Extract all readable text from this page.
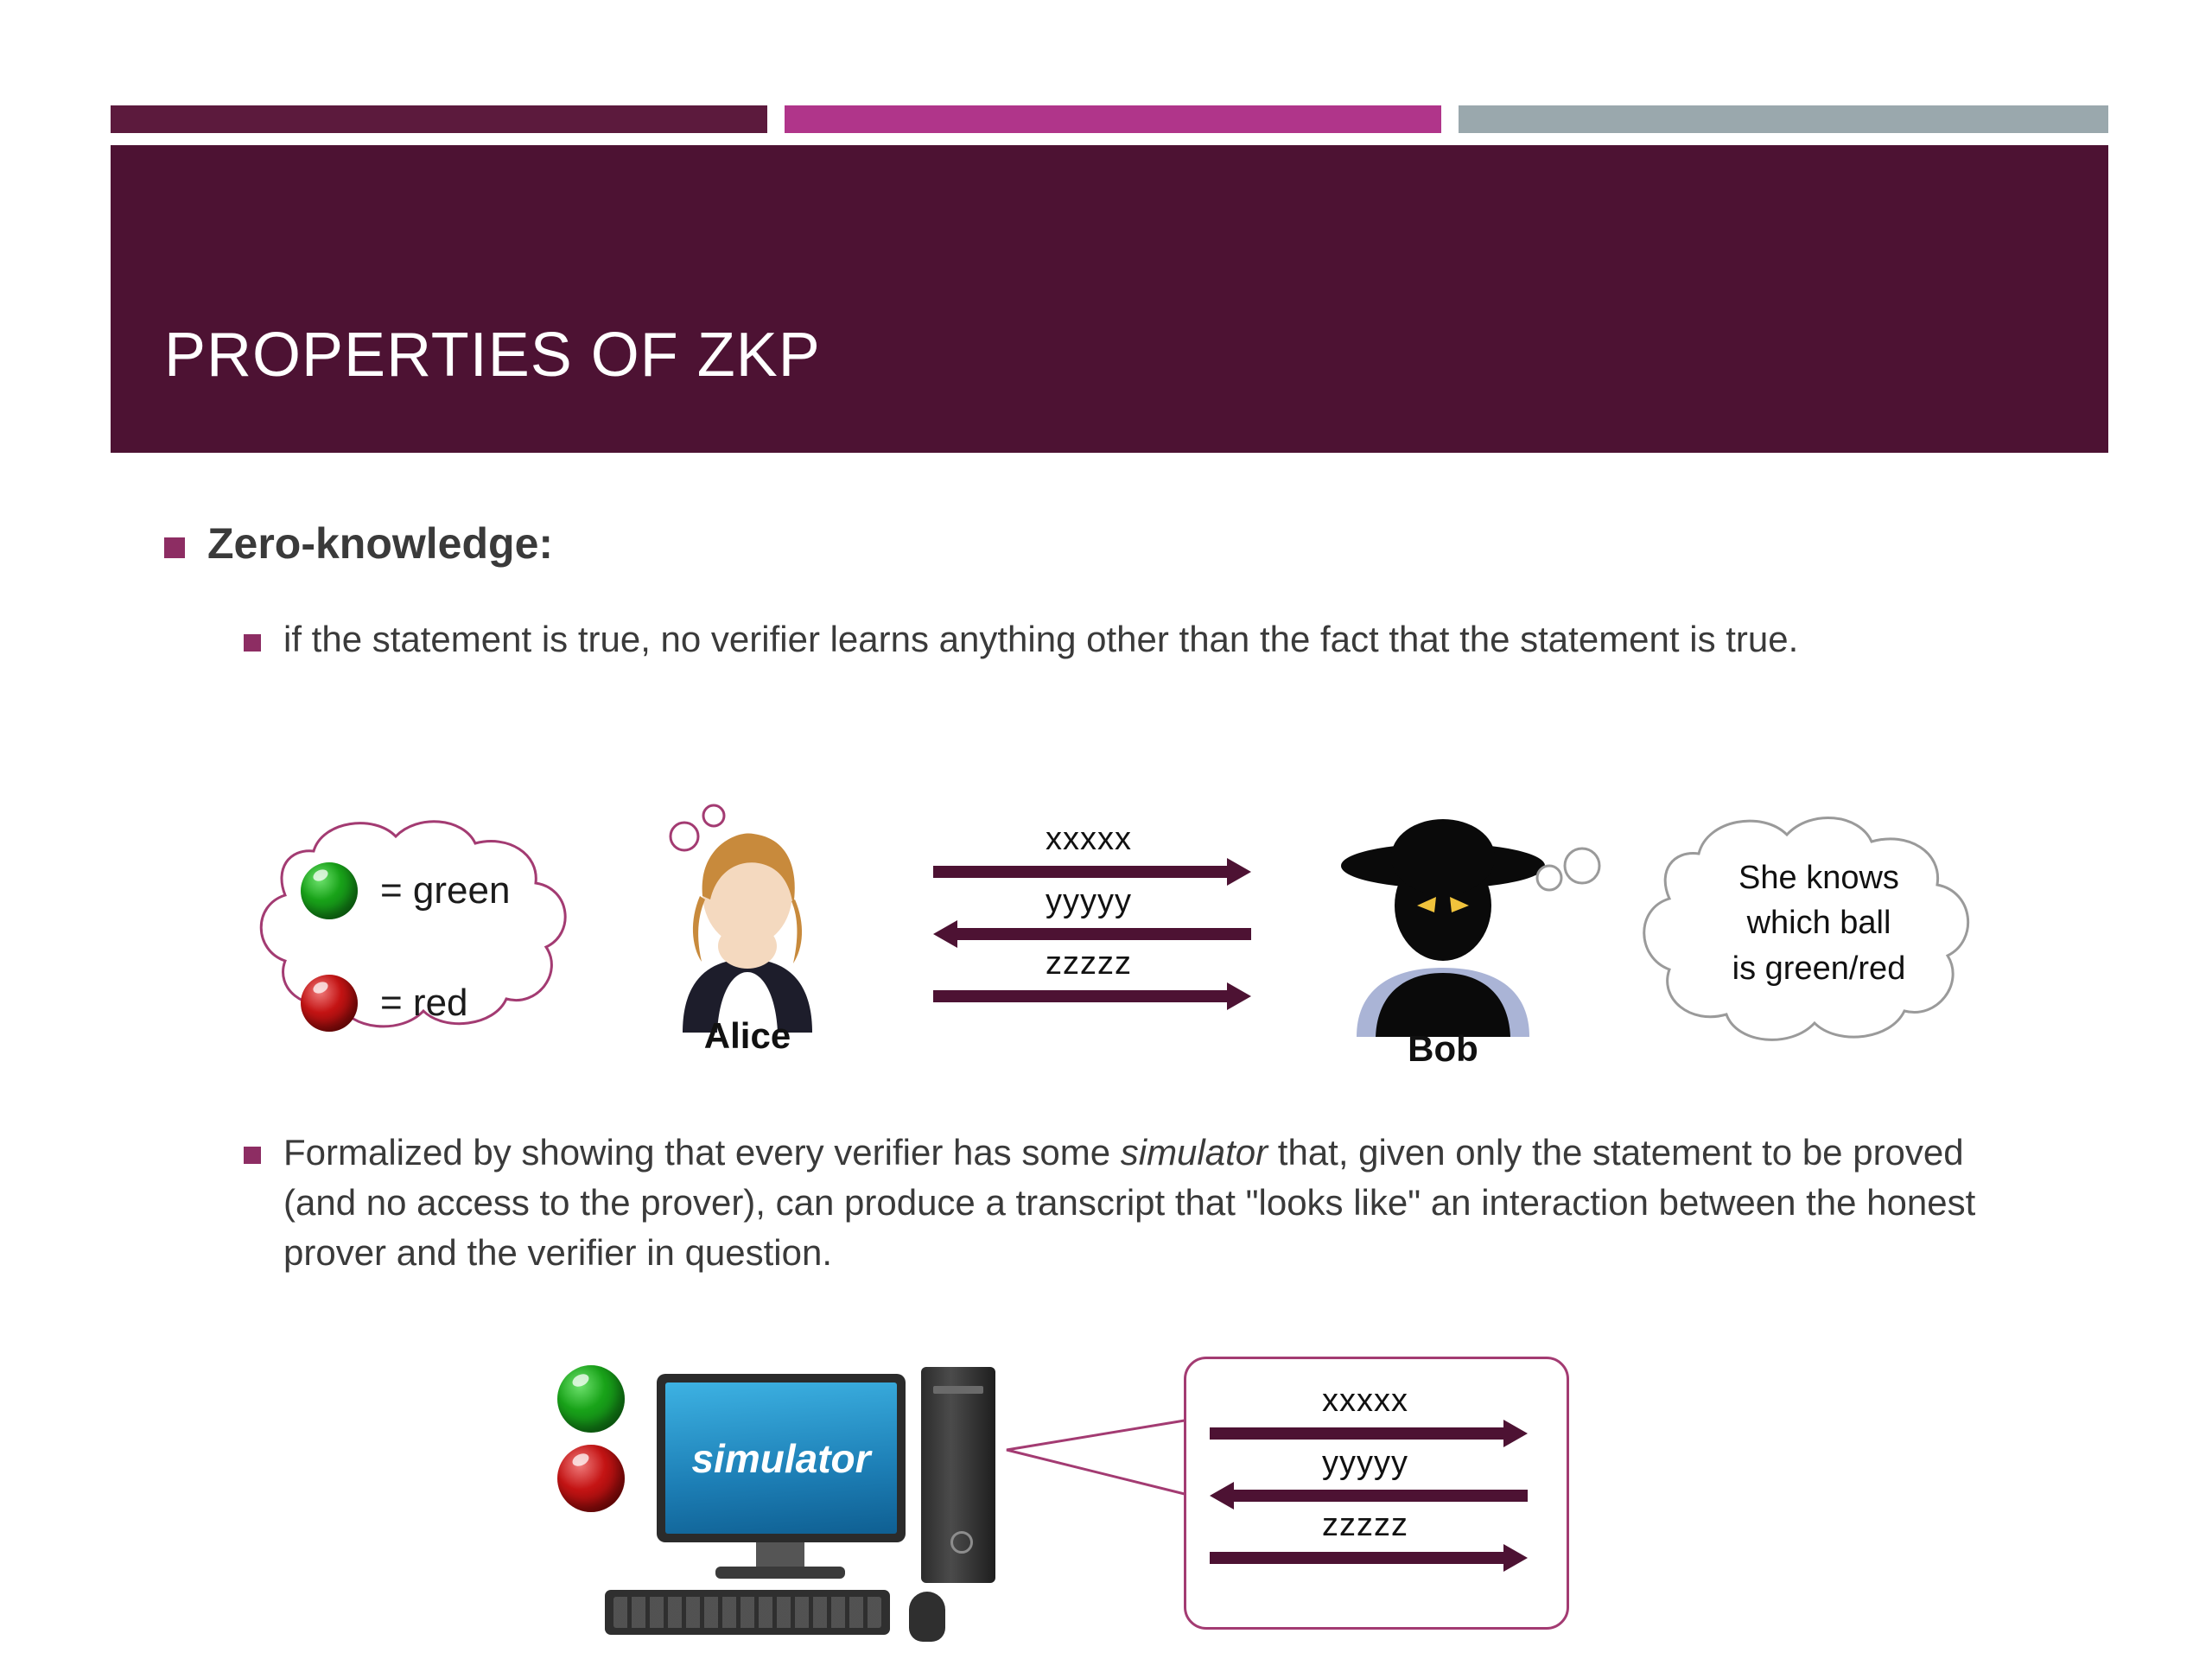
PROPERTIES OF ZKP
Zero-knowledge:
if the statement is true, no verifier learns anything other than the fact that the statement is true.
= green
= red
Alice
xxxxx
yyyyy
zzzzz
Bob
She knows
which ball
is green/red
Formalized by showing that every verifier has some simulator that, given only the statement to be proved (and no access to the prover), can produce a transcript that "looks like" an interaction between the honest prover and the verifier in question.
simulator
xxxxx
yyyyy
zzzzz
